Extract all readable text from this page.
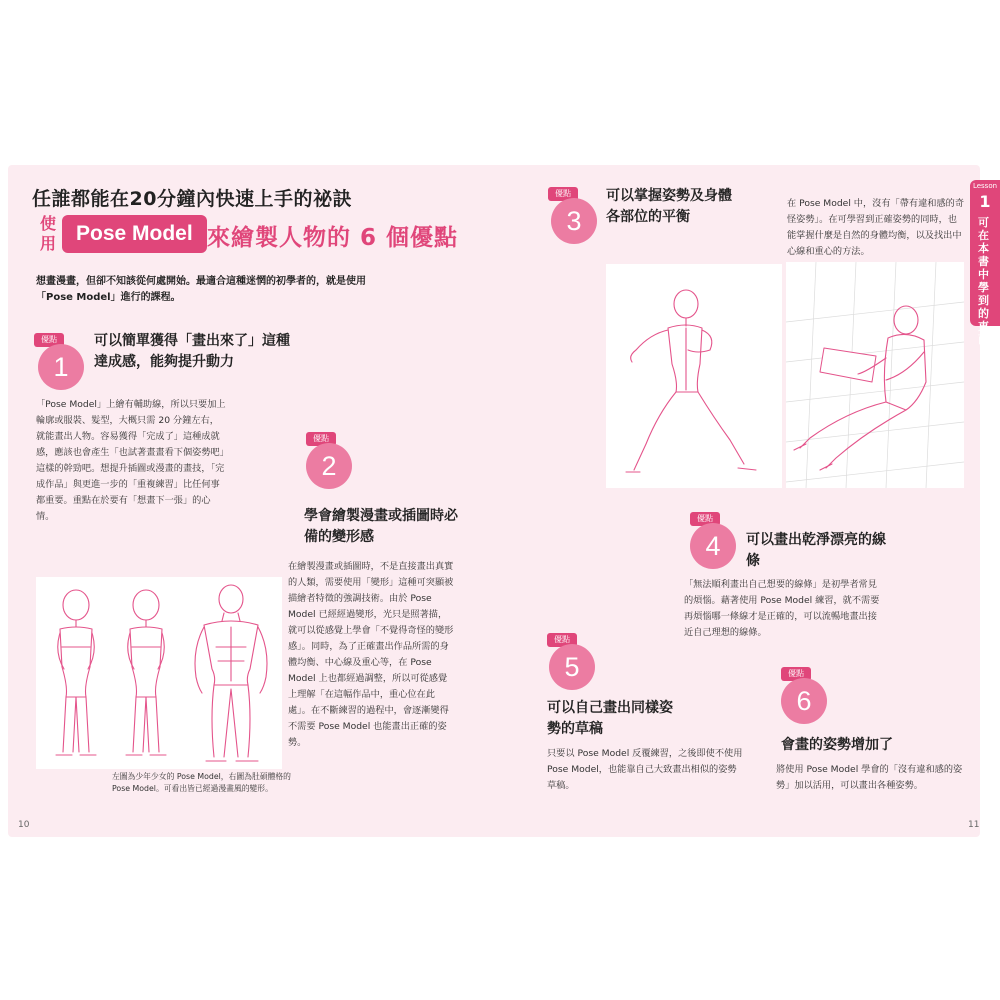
任誰都能在20分鐘內快速上手的祕訣
使用 Pose Model 來繪製人物的 6 個優點
想畫漫畫，但卻不知該從何處開始。最適合這種迷惘的初學者的，就是使用「Pose Model」進行的課程。
優點
1
可以簡單獲得「畫出來了」這種達成感，能夠提升動力
「Pose Model」上繪有輔助線，所以只要加上輪廓或服裝、髮型，大概只需 20 分鐘左右，就能畫出人物。容易獲得「完成了」這種成就感，應該也會產生「也試著畫畫看下個姿勢吧」這樣的幹勁吧。想提升插圖或漫畫的畫技，「完成作品」與更進一步的「重複練習」比任何事都重要。重點在於要有「想畫下一張」的心情。
優點
2
學會繪製漫畫或插圖時必備的變形感
在繪製漫畫或插圖時，不是直接畫出真實的人類，需要使用「變形」這種可突顯被描繪者特徵的強調技術。由於 Pose Model 已經經過變形，光只是照著描，就可以從感覺上學會「不覺得奇怪的變形感」。同時，為了正確畫出作品所需的身體均衡、中心線及重心等，在 Pose Model 上也都經過調整，所以可從感覺上理解「在這幅作品中，重心位在此處」。在不斷練習的過程中，會逐漸變得不需要 Pose Model 也能畫出正確的姿勢。
左圖為少年少女的 Pose Model，右圖為肚碩體格的 Pose Model。可看出皆已經過漫畫風的變形。
優點
3
可以掌握姿勢及身體各部位的平衡
在 Pose Model 中，沒有「帶有違和感的奇怪姿勢」。在可學習到正確姿勢的同時，也能掌握什麼是自然的身體均衡，以及找出中心線和重心的方法。
優點
4	可以畫出乾淨漂亮的線條
「無法順利畫出自己想要的線條」是初學者常見的煩惱。藉著使用 Pose Model 練習，就不需要再煩惱哪一條線才是正確的，可以流暢地畫出接近自己理想的線條。
優點
5
可以自己畫出同樣姿勢的草稿
只要以 Pose Model 反覆練習，之後即使不使用 Pose Model，也能靠自己大致畫出相似的姿勢草稿。
優點
6
會畫的姿勢增加了
將使用 Pose Model 學會的「沒有違和感的姿勢」加以活用，可以畫出各種姿勢。
10	11
Lesson
1
可在本書中學到的東西
